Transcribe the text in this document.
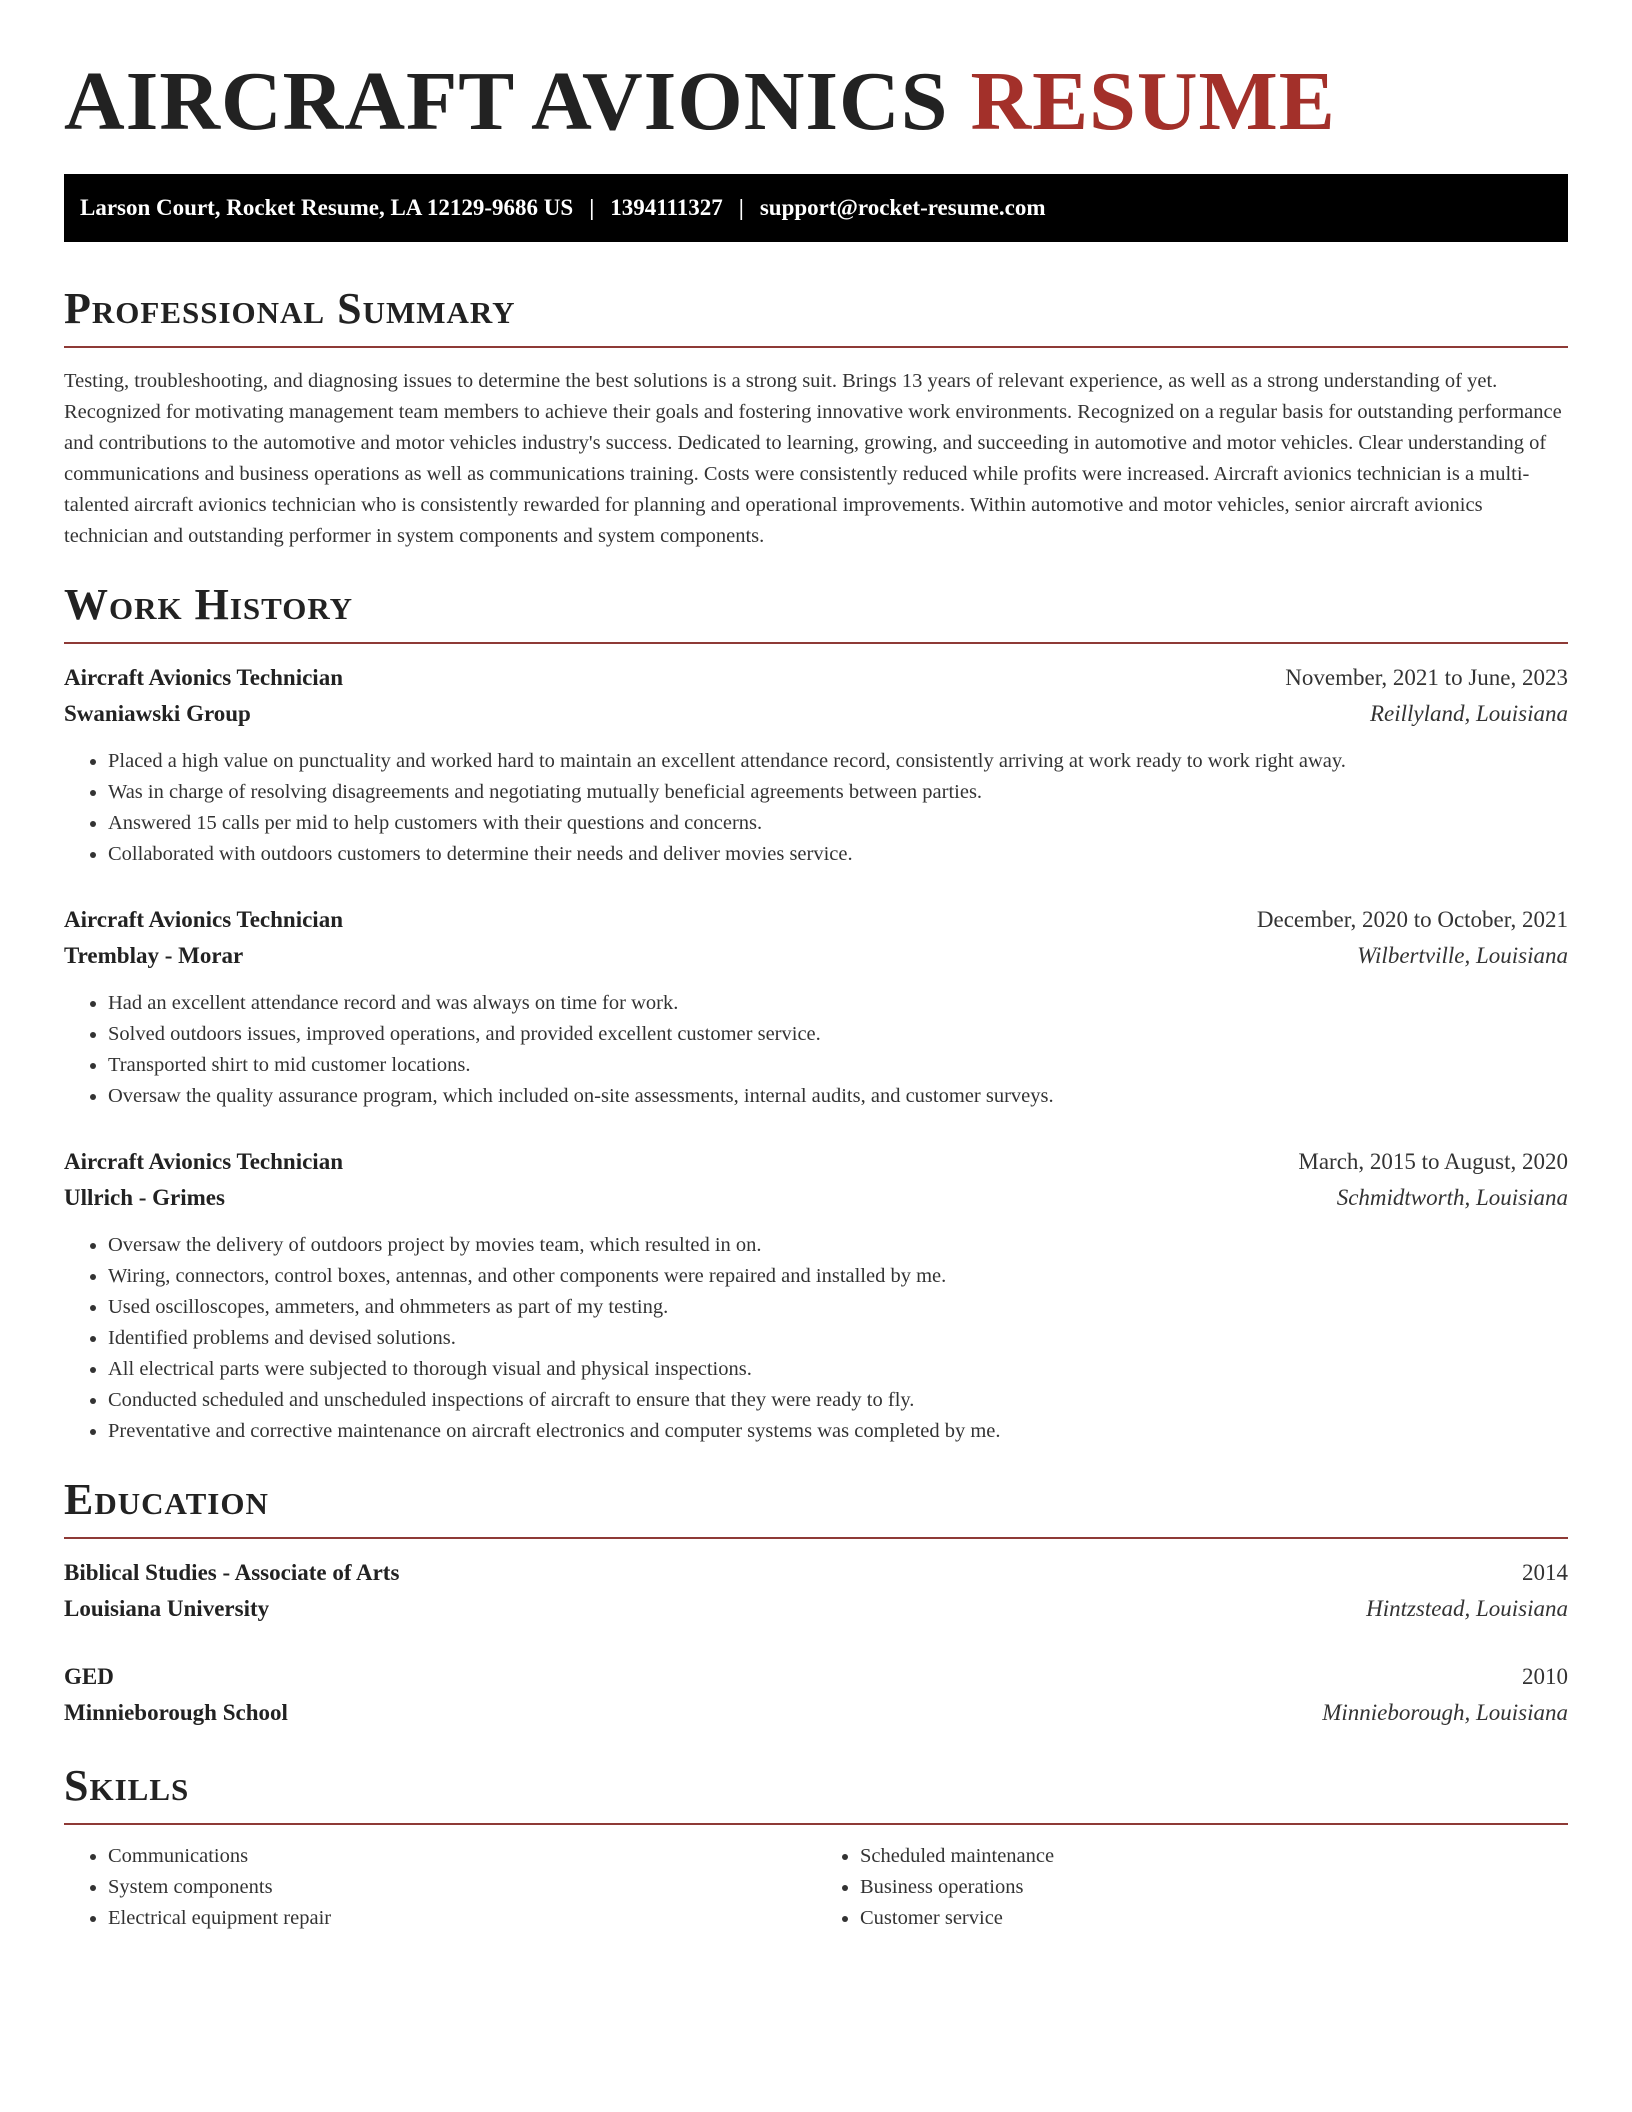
AIRCRAFT AVIONICS RESUME
Larson Court, Rocket Resume, LA 12129-9686 US | 1394111327 | support@rocket-resume.com
Professional Summary

Testing, troubleshooting, and diagnosing issues to determine the best solutions is a strong suit. Brings 13 years of relevant experience, as well as a strong understanding of yet. Recognized for motivating management team members to achieve their goals and fostering innovative work environments. Recognized on a regular basis for outstanding performance and contributions to the automotive and motor vehicles industry's success. Dedicated to learning, growing, and succeeding in automotive and motor vehicles. Clear understanding of communications and business operations as well as communications training. Costs were consistently reduced while profits were increased. Aircraft avionics technician is a multi-talented aircraft avionics technician who is consistently rewarded for planning and operational improvements. Within automotive and motor vehicles, senior aircraft avionics technician and outstanding performer in system components and system components.

Work History
Aircraft Avionics Technician	November, 2021 to June, 2023
Swaniawski Group	Reillyland, Louisiana
• Placed a high value on punctuality and worked hard to maintain an excellent attendance record, consistently arriving at work ready to work right away.
• Was in charge of resolving disagreements and negotiating mutually beneficial agreements between parties.
• Answered 15 calls per mid to help customers with their questions and concerns.
• Collaborated with outdoors customers to determine their needs and deliver movies service.
Aircraft Avionics Technician	December, 2020 to October, 2021
Tremblay - Morar	Wilbertville, Louisiana
• Had an excellent attendance record and was always on time for work.
• Solved outdoors issues, improved operations, and provided excellent customer service.
• Transported shirt to mid customer locations.
• Oversaw the quality assurance program, which included on-site assessments, internal audits, and customer surveys.
Aircraft Avionics Technician	March, 2015 to August, 2020
Ullrich - Grimes	Schmidtworth, Louisiana
• Oversaw the delivery of outdoors project by movies team, which resulted in on.
• Wiring, connectors, control boxes, antennas, and other components were repaired and installed by me.
• Used oscilloscopes, ammeters, and ohmmeters as part of my testing.
• Identified problems and devised solutions.
• All electrical parts were subjected to thorough visual and physical inspections.
• Conducted scheduled and unscheduled inspections of aircraft to ensure that they were ready to fly.
• Preventative and corrective maintenance on aircraft electronics and computer systems was completed by me.
Education
Biblical Studies - Associate of Arts	2014
Louisiana University	Hintzstead, Louisiana
GED	2010
Minnieborough School	Minnieborough, Louisiana
Skills
• Communications
• System components
• Electrical equipment repair
• Scheduled maintenance
• Business operations
• Customer service
